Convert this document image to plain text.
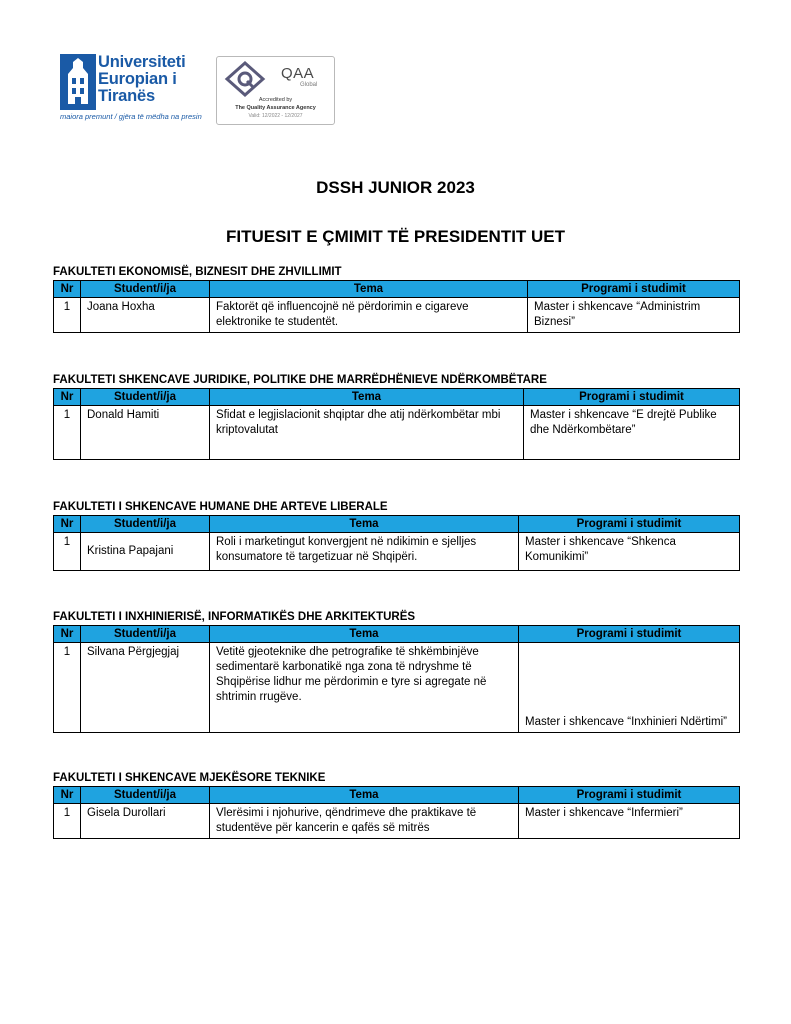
Universiteti
Europian i
Tiranës
maiora premunt / gjëra të mëdha na presin
QAA
Global
Accredited by
The Quality Assurance Agency
Valid: 12/2022 - 12/2027
DSSH JUNIOR 2023
FITUESIT E ÇMIMIT TË PRESIDENTIT UET
FAKULTETI EKONOMISË, BIZNESIT DHE ZHVILLIMIT
Nr	Student/i/ja	Tema	Programi i studimit
1	Joana Hoxha	Faktorët që influencojnë në përdorimin e cigareve elektronike te studentët.	Master i shkencave “Administrim Biznesi”
FAKULTETI SHKENCAVE JURIDIKE, POLITIKE DHE MARRËDHËNIEVE NDËRKOMBËTARE
Nr	Student/i/ja	Tema	Programi i studimit
1	Donald Hamiti	Sfidat e legjislacionit shqiptar dhe atij ndërkombëtar mbi kriptovalutat	Master i shkencave “E drejtë Publike dhe Ndërkombëtare”
FAKULTETI I SHKENCAVE HUMANE DHE ARTEVE LIBERALE
Nr	Student/i/ja	Tema	Programi i studimit
1	Kristina Papajani	Roli i marketingut konvergjent në ndikimin e sjelljes konsumatore të targetizuar në Shqipëri.	Master i shkencave “Shkenca Komunikimi”
FAKULTETI I INXHINIERISË, INFORMATIKËS DHE ARKITEKTURËS
Nr	Student/i/ja	Tema	Programi i studimit
1	Silvana Përgjegjaj	Vetitë gjeoteknike dhe petrografike të shkëmbinjëve sedimentarë karbonatikë nga zona të ndryshme të Shqipërise lidhur me përdorimin e tyre si agregate në shtrimin rrugëve.	Master i shkencave “Inxhinieri Ndërtimi”
FAKULTETI I SHKENCAVE MJEKËSORE TEKNIKE
Nr	Student/i/ja	Tema	Programi i studimit
1	Gisela Durollari	Vlerësimi i njohurive, qëndrimeve dhe praktikave të studentëve për kancerin e qafës së mitrës	Master i shkencave “Infermieri”
